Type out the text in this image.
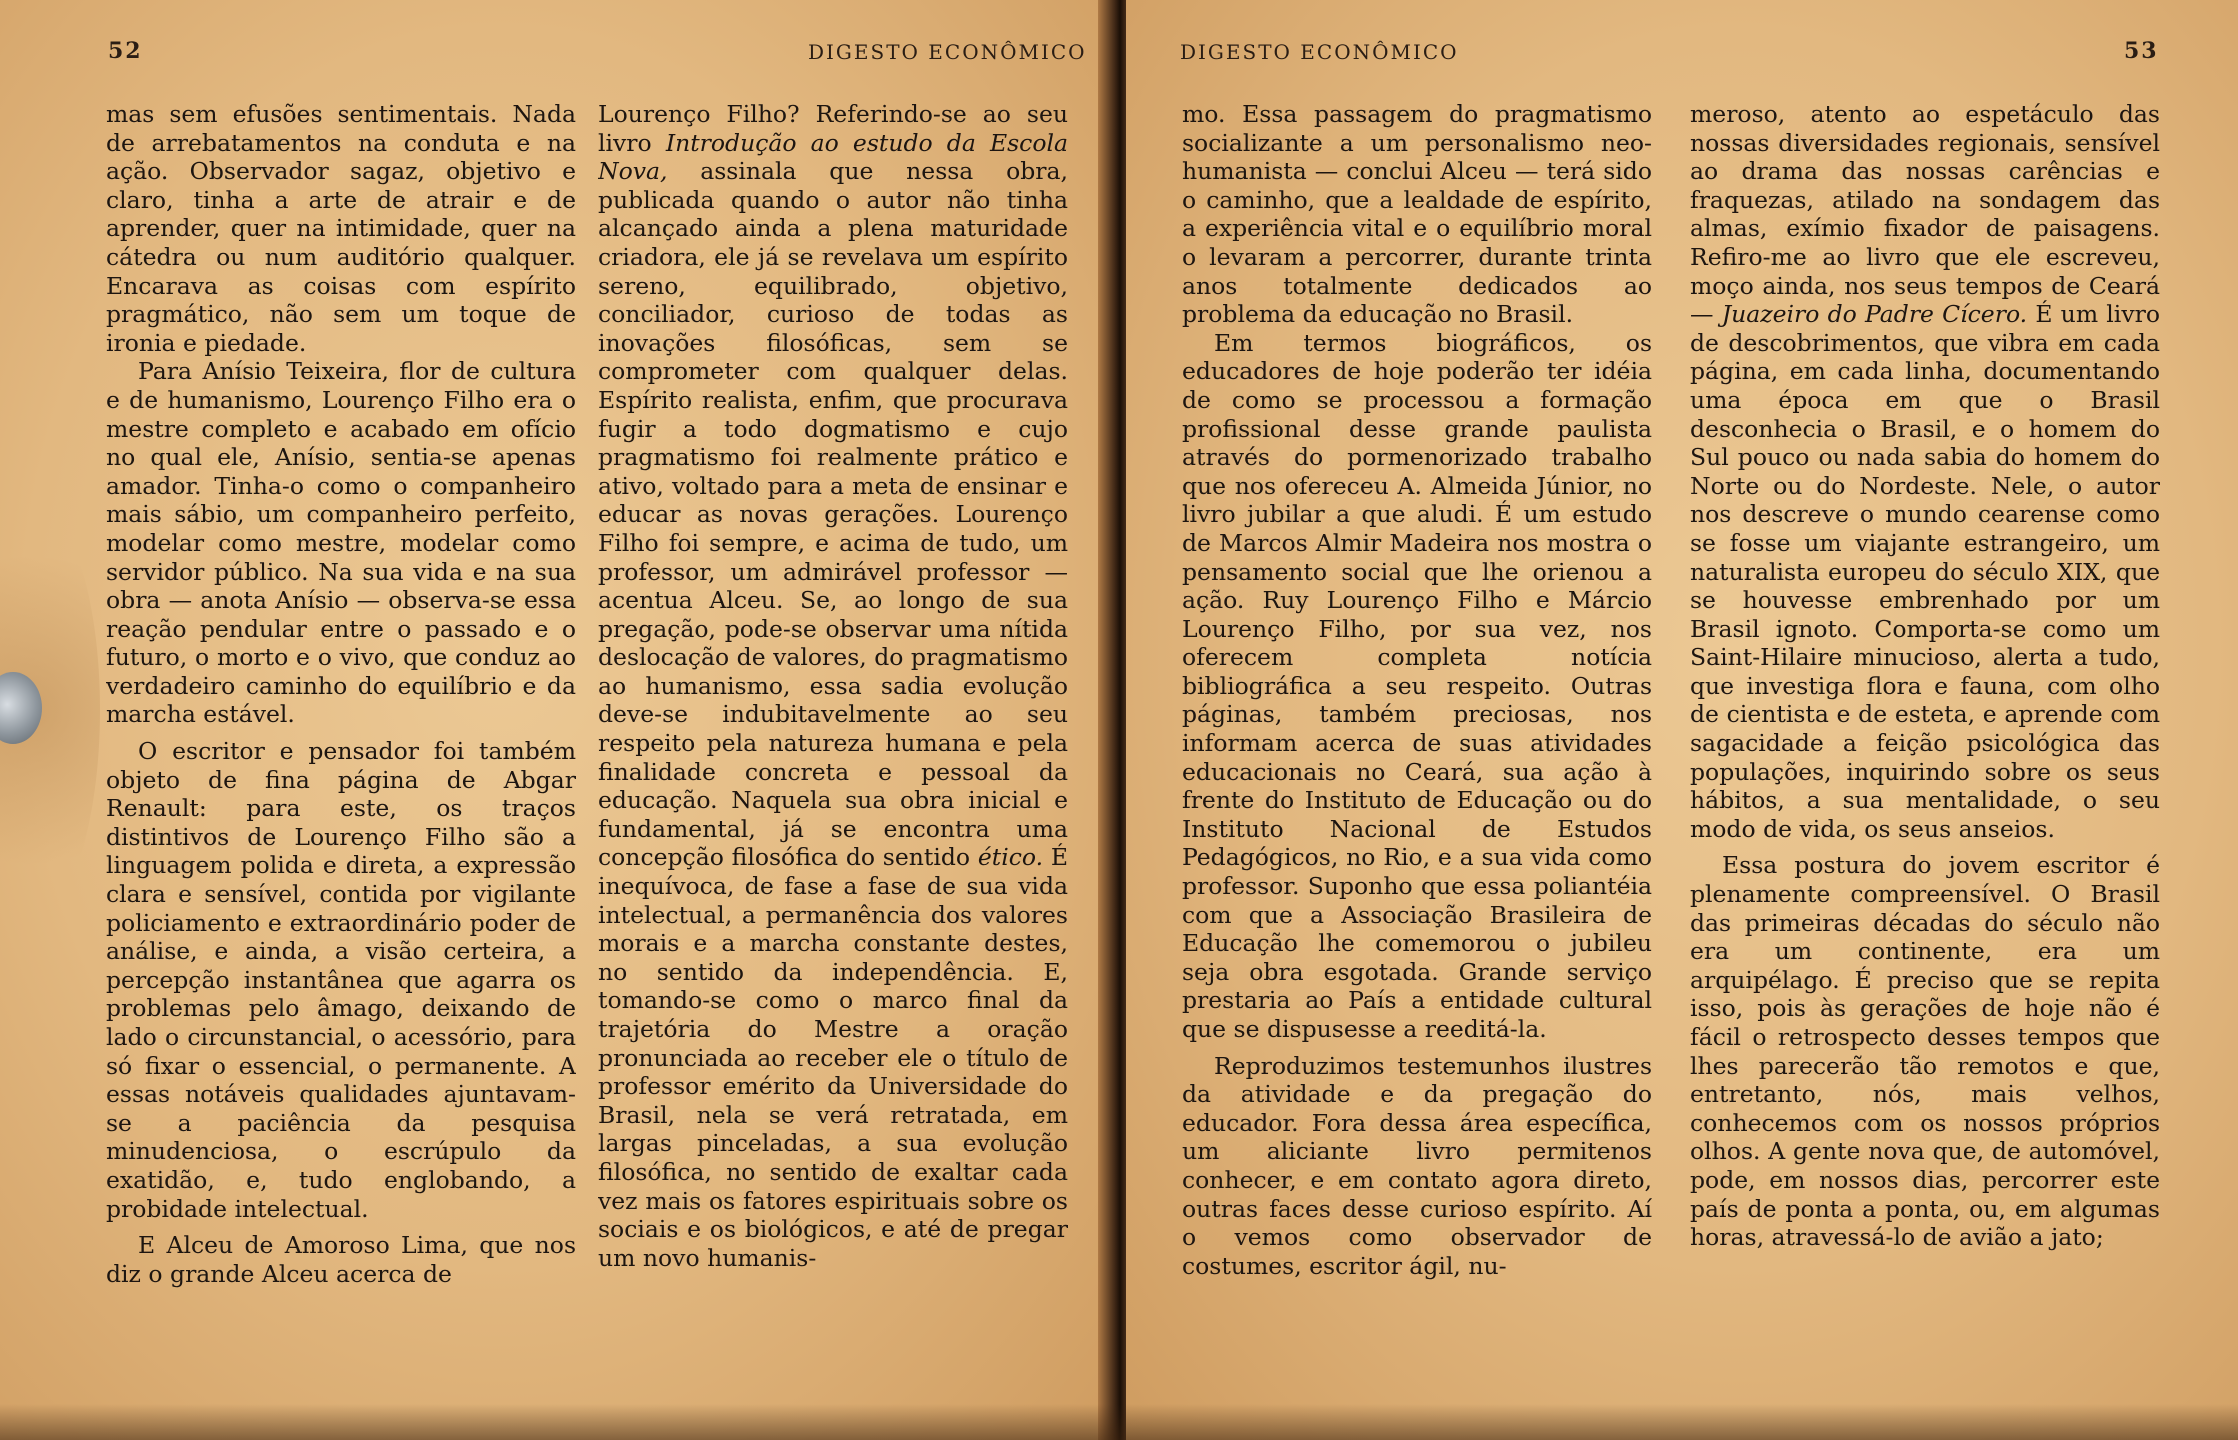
52	DIGESTO ECONÔMICO

mas sem efusões sentimentais. Nada de arrebatamentos na conduta e na ação. Observador sagaz, objetivo e claro, tinha a arte de atrair e de aprender, quer na intimidade, quer na cátedra ou num auditório qualquer. Encarava as coisas com espírito pragmático, não sem um toque de ironia e piedade.

Para Anísio Teixeira, flor de cultura e de humanismo, Lourenço Filho era o mestre completo e acabado em ofício no qual ele, Anísio, sentia-se apenas amador. Tinha-o como o companheiro mais sábio, um companheiro perfeito, modelar como mestre, modelar como servidor público. Na sua vida e na sua obra — anota Anísio — observa-se essa reação pendular entre o passado e o futuro, o morto e o vivo, que conduz ao verdadeiro caminho do equilíbrio e da marcha estável.

O escritor e pensador foi também objeto de fina página de Abgar Renault: para este, os traços distintivos de Lourenço Filho são a linguagem polida e direta, a expressão clara e sensível, contida por vigilante policiamento e extraordinário poder de análise, e ainda, a visão certeira, a percepção instantânea que agarra os problemas pelo âmago, deixando de lado o circunstancial, o acessório, para só fixar o essencial, o permanente. A essas notáveis qualidades ajuntavam-se a paciência da pesquisa minudenciosa, o escrúpulo da exatidão, e, tudo englobando, a probidade intelectual.

E Alceu de Amoroso Lima, que nos diz o grande Alceu acerca de

Lourenço Filho? Referindo-se ao seu livro Introdução ao estudo da Escola Nova, assinala que nessa obra, publicada quando o autor não tinha alcançado ainda a plena maturidade criadora, ele já se revelava um espírito sereno, equilibrado, objetivo, conciliador, curioso de todas as inovações filosóficas, sem se comprometer com qualquer delas. Espírito realista, enfim, que procurava fugir a todo dogmatismo e cujo pragmatismo foi realmente prático e ativo, voltado para a meta de ensinar e educar as novas gerações. Lourenço Filho foi sempre, e acima de tudo, um professor, um admirável professor — acentua Alceu. Se, ao longo de sua pregação, pode-se observar uma nítida deslocação de valores, do pragmatismo ao humanismo, essa sadia evolução deve-se indubitavelmente ao seu respeito pela natureza humana e pela finalidade concreta e pessoal da educação. Naquela sua obra inicial e fundamental, já se encontra uma concepção filosófica do sentido ético. É inequívoca, de fase a fase de sua vida intelectual, a permanência dos valores morais e a marcha constante destes, no sentido da independência. E, tomando-se como o marco final da trajetória do Mestre a oração pronunciada ao receber ele o título de professor emérito da Universidade do Brasil, nela se verá retratada, em largas pinceladas, a sua evolução filosófica, no sentido de exaltar cada vez mais os fatores espirituais sobre os sociais e os biológicos, e até de pregar um novo humanis-

DIGESTO ECONÔMICO	53

mo. Essa passagem do pragmatismo socializante a um personalismo neo-humanista — conclui Alceu — terá sido o caminho, que a lealdade de espírito, a experiência vital e o equilíbrio moral o levaram a percorrer, durante trinta anos totalmente dedicados ao problema da educação no Brasil.

Em termos biográficos, os educadores de hoje poderão ter idéia de como se processou a formação profissional desse grande paulista através do pormenorizado trabalho que nos ofereceu A. Almeida Júnior, no livro jubilar a que aludi. É um estudo de Marcos Almir Madeira nos mostra o pensamento social que lhe orienou a ação. Ruy Lourenço Filho e Márcio Lourenço Filho, por sua vez, nos oferecem completa notícia bibliográfica a seu respeito. Outras páginas, também preciosas, nos informam acerca de suas atividades educacionais no Ceará, sua ação à frente do Instituto de Educação ou do Instituto Nacional de Estudos Pedagógicos, no Rio, e a sua vida como professor. Suponho que essa poliantéia com que a Associação Brasileira de Educação lhe comemorou o jubileu seja obra esgotada. Grande serviço prestaria ao País a entidade cultural que se dispusesse a reeditá-la.

Reproduzimos testemunhos ilustres da atividade e da pregação do educador. Fora dessa área específica, um aliciante livro permitenos conhecer, e em contato agora direto, outras faces desse curioso espírito. Aí o vemos como observador de costumes, escritor ágil, nu-

meroso, atento ao espetáculo das nossas diversidades regionais, sensível ao drama das nossas carências e fraquezas, atilado na sondagem das almas, exímio fixador de paisagens. Refiro-me ao livro que ele escreveu, moço ainda, nos seus tempos de Ceará — Juazeiro do Padre Cícero. É um livro de descobrimentos, que vibra em cada página, em cada linha, documentando uma época em que o Brasil desconhecia o Brasil, e o homem do Sul pouco ou nada sabia do homem do Norte ou do Nordeste. Nele, o autor nos descreve o mundo cearense como se fosse um viajante estrangeiro, um naturalista europeu do século XIX, que se houvesse embrenhado por um Brasil ignoto. Comporta-se como um Saint-Hilaire minucioso, alerta a tudo, que investiga flora e fauna, com olho de cientista e de esteta, e aprende com sagacidade a feição psicológica das populações, inquirindo sobre os seus hábitos, a sua mentalidade, o seu modo de vida, os seus anseios.

Essa postura do jovem escritor é plenamente compreensível. O Brasil das primeiras décadas do século não era um continente, era um arquipélago. É preciso que se repita isso, pois às gerações de hoje não é fácil o retrospecto desses tempos que lhes parecerão tão remotos e que, entretanto, nós, mais velhos, conhecemos com os nossos próprios olhos. A gente nova que, de automóvel, pode, em nossos dias, percorrer este país de ponta a ponta, ou, em algumas horas, atravessá-lo de avião a jato;
